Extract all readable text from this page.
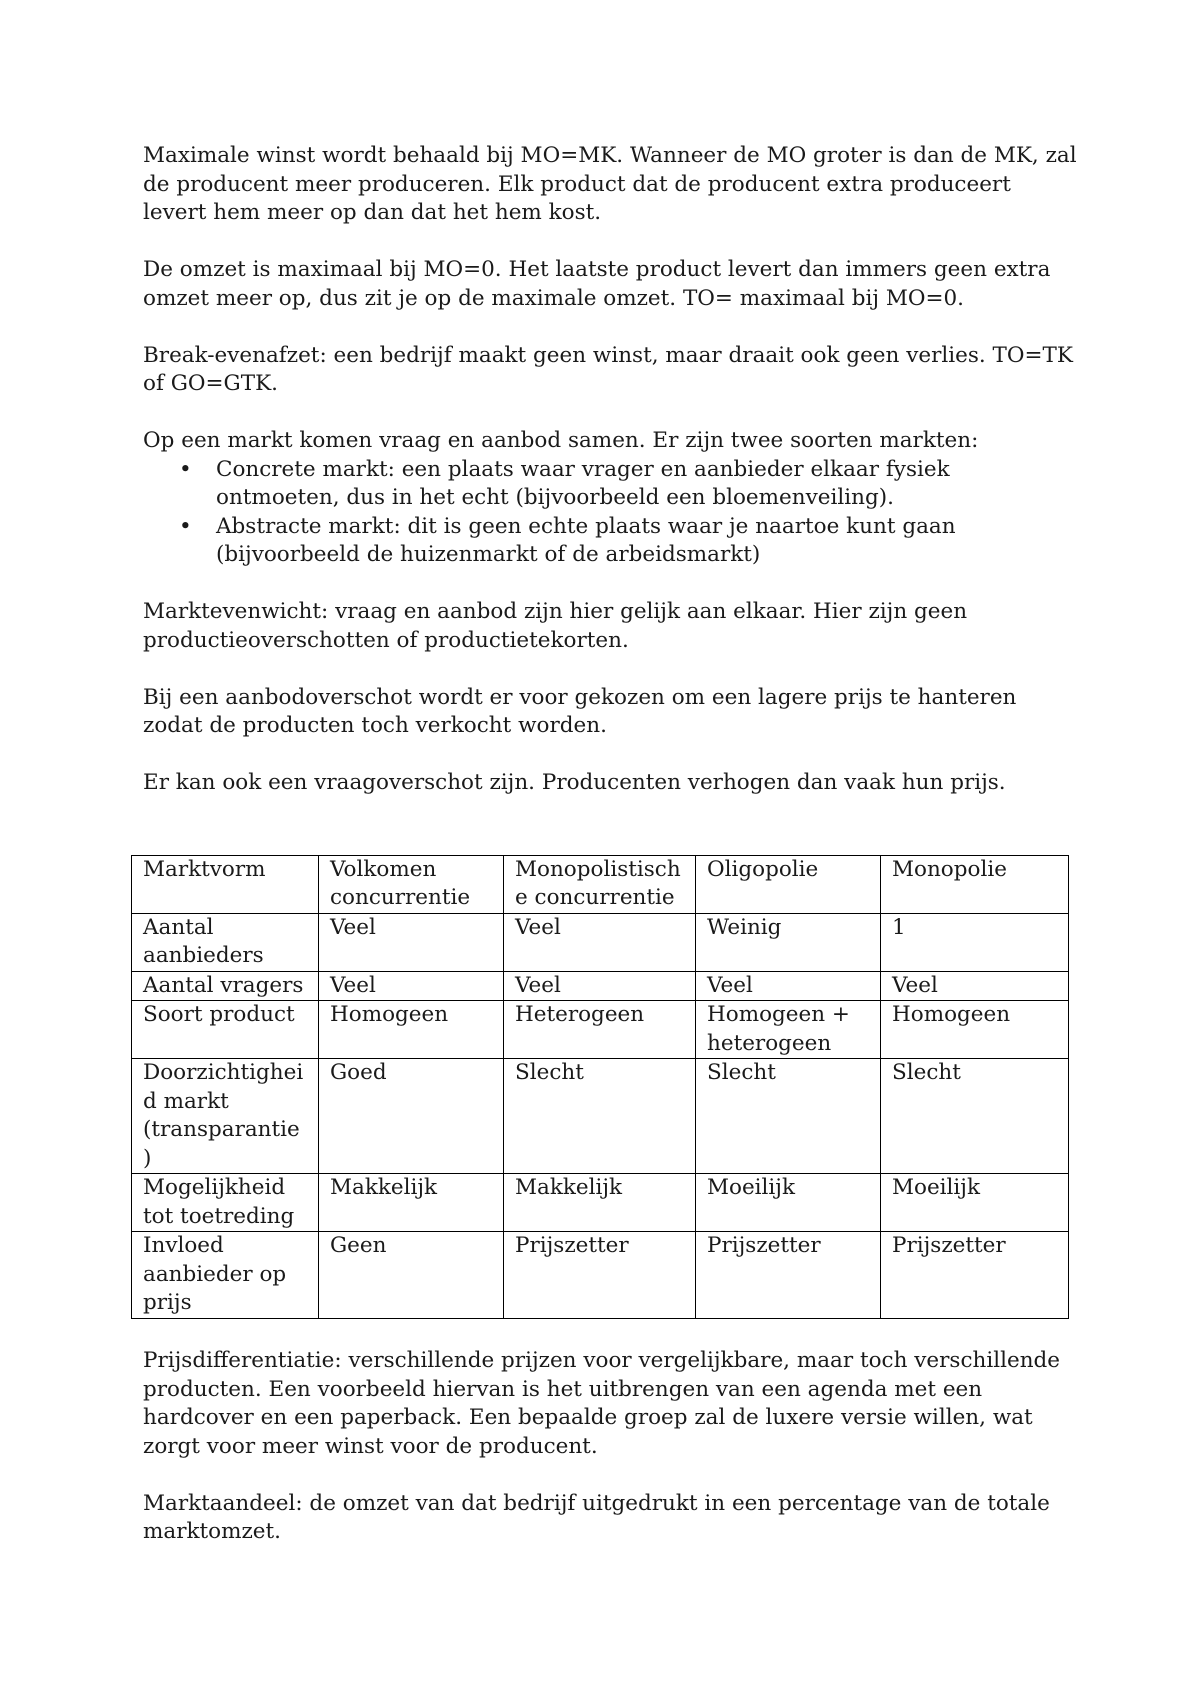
Maximale winst wordt behaald bij MO=MK. Wanneer de MO groter is dan de MK, zal de producent meer produceren. Elk product dat de producent extra produceert levert hem meer op dan dat het hem kost.

De omzet is maximaal bij MO=0. Het laatste product levert dan immers geen extra omzet meer op, dus zit je op de maximale omzet. TO= maximaal bij MO=0.

Break-evenafzet: een bedrijf maakt geen winst, maar draait ook geen verlies. TO=TK of GO=GTK.

Op een markt komen vraag en aanbod samen. Er zijn twee soorten markten:

• Concrete markt: een plaats waar vrager en aanbieder elkaar fysiek ontmoeten, dus in het echt (bijvoorbeeld een bloemenveiling).
• Abstracte markt: dit is geen echte plaats waar je naartoe kunt gaan (bijvoorbeeld de huizenmarkt of de arbeidsmarkt)

Marktevenwicht: vraag en aanbod zijn hier gelijk aan elkaar. Hier zijn geen productieoverschotten of productietekorten.

Bij een aanbodoverschot wordt er voor gekozen om een lagere prijs te hanteren zodat de producten toch verkocht worden.

Er kan ook een vraagoverschot zijn. Producenten verhogen dan vaak hun prijs.

Marktvorm	Volkomen concurrentie	Monopolistische concurrentie	Oligopolie	Monopolie
Aantal aanbieders	Veel	Veel	Weinig	1
Aantal vragers	Veel	Veel	Veel	Veel
Soort product	Homogeen	Heterogeen	Homogeen + heterogeen	Homogeen
Doorzichtigheid markt (transparantie)	Goed	Slecht	Slecht	Slecht
Mogelijkheid tot toetreding	Makkelijk	Makkelijk	Moeilijk	Moeilijk
Invloed aanbieder op prijs	Geen	Prijszetter	Prijszetter	Prijszetter

Prijsdifferentiatie: verschillende prijzen voor vergelijkbare, maar toch verschillende producten. Een voorbeeld hiervan is het uitbrengen van een agenda met een hardcover en een paperback. Een bepaalde groep zal de luxere versie willen, wat zorgt voor meer winst voor de producent.

Marktaandeel: de omzet van dat bedrijf uitgedrukt in een percentage van de totale marktomzet.
